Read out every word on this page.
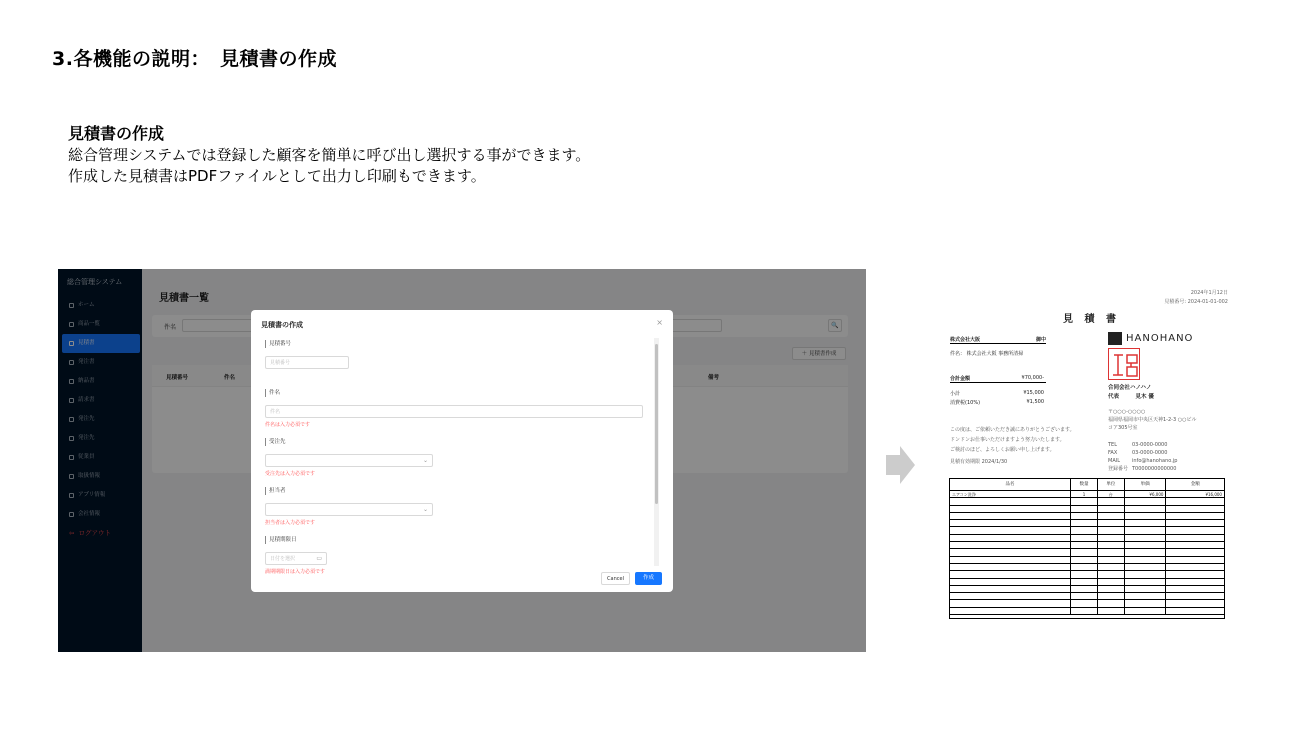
3.各機能の説明：　見積書の作成
見積書の作成
総合管理システムでは登録した顧客を簡単に呼び出し選択する事ができます。
作成した見積書はPDFファイルとして出力し印刷もできます。
総合管理システム
ホーム
商品一覧
見積書
発注書
納品書
請求書
発注先
発注先
従業員
取扱情報
アプリ情報
会社情報
⇦ ログアウト
見積書一覧
件名	🔍
＋ 見積書作成
見積番号	件名	備考
見積書の作成	×
見積番号
見積番号
件名
件名
件名は入力必須です
受注先
⌄
受注先は入力必須です
担当者
⌄
担当者は入力必須です
見積期限日
日付を選択	▭
満期期限日は入力必須です
Cancel	作成
2024年1月12日
見積番号: 2024-01-01-002
見 積 書
株式会社大阪	御中
件名： 株式会社大阪 事務所清掃
合計金額	¥70,000-
小計	¥15,000
消費税(10%)	¥1,500
この度は、ご依頼いただき誠にありがとうございます。
ドンドンお仕事いただけますよう努力いたします。
ご検討のほど、よろしくお願い申し上げます。
見積有効期限 2024/1/30
HANOHANO
合同会社ハノハノ
代表　　　見木 優
〒○○○-○○○○
福岡県福岡市中央区天神1-2-3 ○○ビル
コア305号室
TEL	03-0000-0000
FAX	03-0000-0000
MAIL info@hanohano.jp
登録番号 T0000000000000
品名	数量	単位	単価	金額
エアコン洗浄	1	台	¥6,000	¥16,000
